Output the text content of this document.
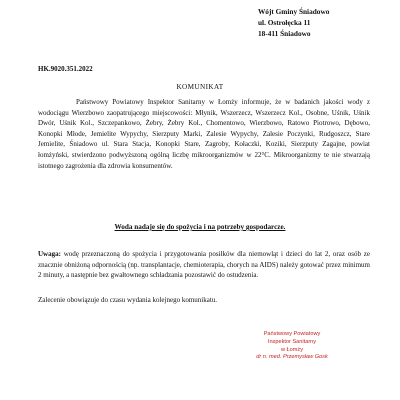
Wójt Gminy Śniadowo
ul. Ostrołęcka 11
18-411 Śniadowo
HK.9020.351.2022
KOMUNIKAT
Państwowy Powiatowy Inspektor Sanitarny w Łomży informuje, że w badanich jakości wody z wodociągu Wierzbowo zaopatrującego miejscowości: Młynik, Wszerzecz, Wszerzecz Kol., Osobne, Uśnik, Uśnik Dwór, Uśnik Kol., Szczepankowo, Żebry, Żebry Kol., Chomentowo, Wierzbowo, Ratowo Piotrowo, Dębowo, Konopki Młode, Jemielite Wypychy, Sierzputy Marki, Zalesie Wypychy, Zalesie Poczynki, Rudgoszcz, Stare Jemielite, Śniadowo ul. Stara Stacja, Konopki Stare, Zagroby, Kołaczki, Koziki, Sierzputy Zagajne, powiat łomżyński, stwierdzono podwyższoną ogólną liczbę mikroorganizmów w 22°C. Mikroorganizmy te nie stwarzają istotnego zagrożenia dla zdrowia konsumentów.
Woda nadaje się do spożycia i na potrzeby gospodarcze.
Uwaga: wodę przeznaczoną do spożycia i przygotowania posiłków dla niemowląt i dzieci do lat 2, oraz osób ze znacznie obniżoną odpornością (np. transplantacje, chemioterapia, chorych na AIDS) należy gotować przez minimum 2 minuty, a następnie bez gwałtownego schładzania pozostawić do ostudzenia.
Zalecenie obowiązuje do czasu wydania kolejnego komunikatu.
Państwowy Powiatowy
Inspektor Sanitarny
w Łomży
dr n. med. Przemysław Gosk
